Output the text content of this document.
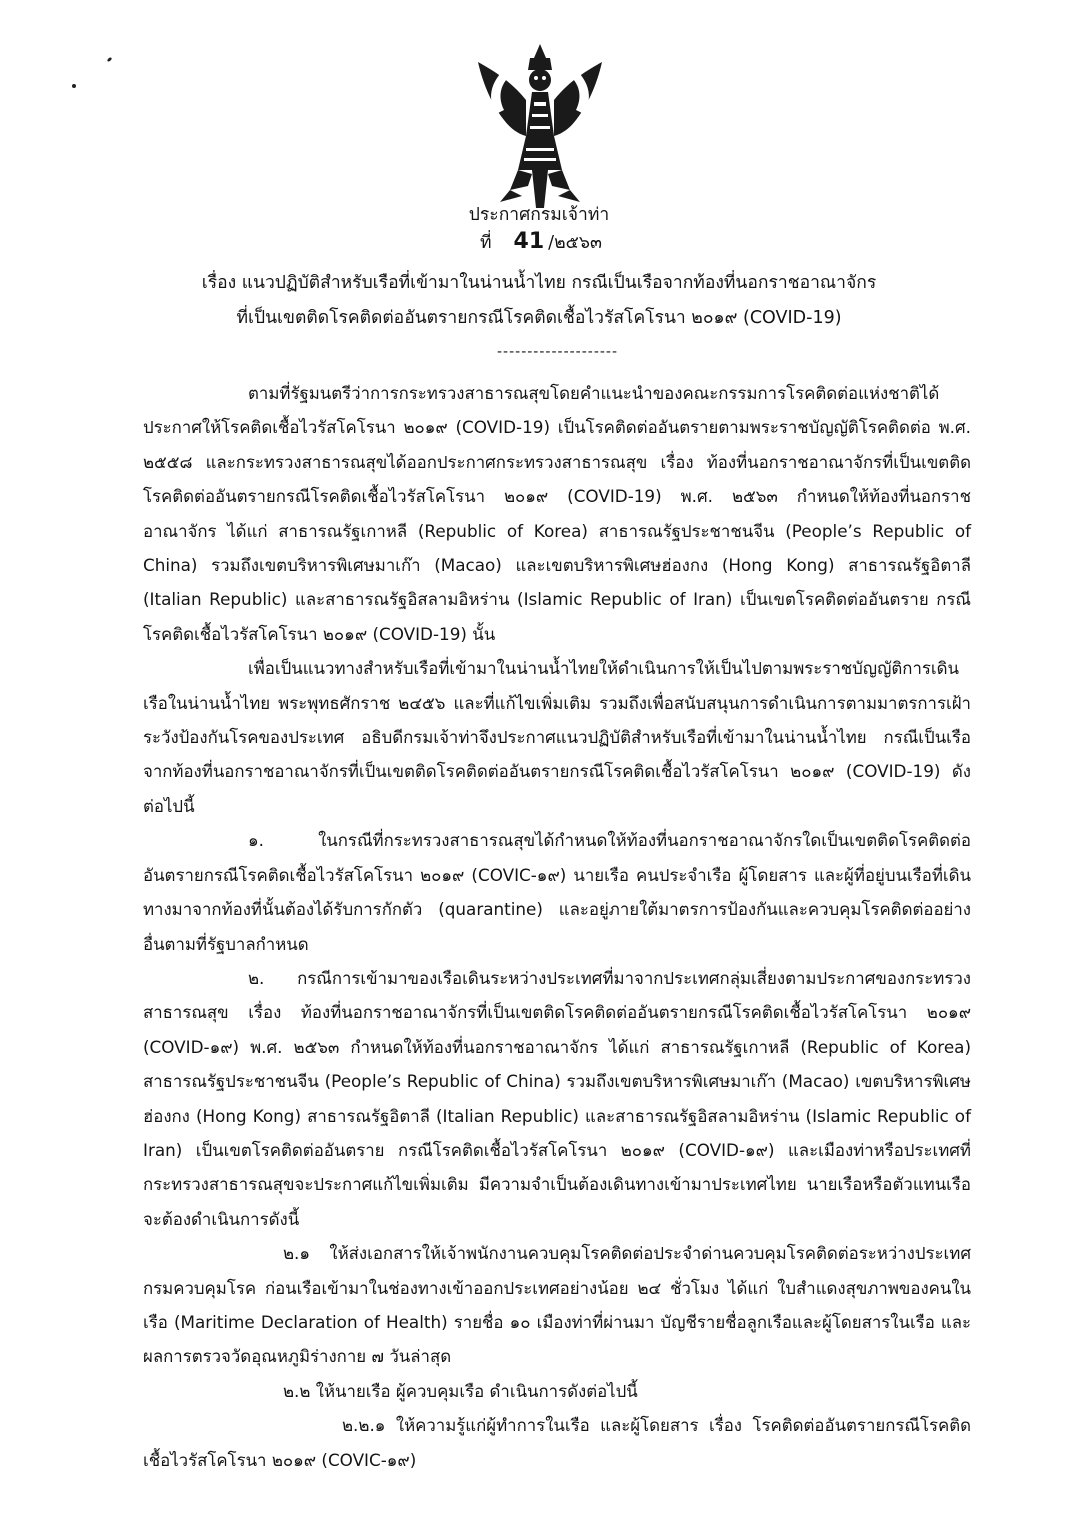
ประกาศกรมเจ้าท่า
ที่ 41 /๒๕๖๓
เรื่อง แนวปฏิบัติสำหรับเรือที่เข้ามาในน่านน้ำไทย กรณีเป็นเรือจากท้องที่นอกราชอาณาจักร
ที่เป็นเขตติดโรคติดต่ออันตรายกรณีโรคติดเชื้อไวรัสโคโรนา ๒๐๑๙ (COVID-19)
--------------------

ตามที่รัฐมนตรีว่าการกระทรวงสาธารณสุขโดยคำแนะนำของคณะกรรมการโรคติดต่อแห่งชาติได้ประกาศให้โรคติดเชื้อไวรัสโคโรนา ๒๐๑๙ (COVID-19) เป็นโรคติดต่ออันตรายตามพระราชบัญญัติโรคติดต่อ พ.ศ. ๒๕๕๘ และกระทรวงสาธารณสุขได้ออกประกาศกระทรวงสาธารณสุข เรื่อง ท้องที่นอกราชอาณาจักรที่เป็นเขตติดโรคติดต่ออันตรายกรณีโรคติดเชื้อไวรัสโคโรนา ๒๐๑๙ (COVID-19) พ.ศ. ๒๕๖๓ กำหนดให้ท้องที่นอกราชอาณาจักร ได้แก่ สาธารณรัฐเกาหลี (Republic of Korea) สาธารณรัฐประชาชนจีน (People’s Republic of China) รวมถึงเขตบริหารพิเศษมาเก๊า (Macao) และเขตบริหารพิเศษฮ่องกง (Hong Kong) สาธารณรัฐอิตาลี (Italian Republic) และสาธารณรัฐอิสลามอิหร่าน (Islamic Republic of Iran) เป็นเขตโรคติดต่ออันตราย กรณีโรคติดเชื้อไวรัสโคโรนา ๒๐๑๙ (COVID-19) นั้น

เพื่อเป็นแนวทางสำหรับเรือที่เข้ามาในน่านน้ำไทยให้ดำเนินการให้เป็นไปตามพระราชบัญญัติการเดินเรือในน่านน้ำไทย พระพุทธศักราช ๒๔๕๖ และที่แก้ไขเพิ่มเติม รวมถึงเพื่อสนับสนุนการดำเนินการตามมาตรการเฝ้าระวังป้องกันโรคของประเทศ อธิบดีกรมเจ้าท่าจึงประกาศแนวปฏิบัติสำหรับเรือที่เข้ามาในน่านน้ำไทย กรณีเป็นเรือจากท้องที่นอกราชอาณาจักรที่เป็นเขตติดโรคติดต่ออันตรายกรณีโรคติดเชื้อไวรัสโคโรนา ๒๐๑๙ (COVID-19) ดังต่อไปนี้

๑. ในกรณีที่กระทรวงสาธารณสุขได้กำหนดให้ท้องที่นอกราชอาณาจักรใดเป็นเขตติดโรคติดต่ออันตรายกรณีโรคติดเชื้อไวรัสโคโรนา ๒๐๑๙ (COVIC-๑๙) นายเรือ คนประจำเรือ ผู้โดยสาร และผู้ที่อยู่บนเรือที่เดินทางมาจากท้องที่นั้นต้องได้รับการกักตัว (quarantine) และอยู่ภายใต้มาตรการป้องกันและควบคุมโรคติดต่ออย่างอื่นตามที่รัฐบาลกำหนด

๒. กรณีการเข้ามาของเรือเดินระหว่างประเทศที่มาจากประเทศกลุ่มเสี่ยงตามประกาศของกระทรวงสาธารณสุข เรื่อง ท้องที่นอกราชอาณาจักรที่เป็นเขตติดโรคติดต่ออันตรายกรณีโรคติดเชื้อไวรัสโคโรนา ๒๐๑๙ (COVID-๑๙) พ.ศ. ๒๕๖๓ กำหนดให้ท้องที่นอกราชอาณาจักร ได้แก่ สาธารณรัฐเกาหลี (Republic of Korea) สาธารณรัฐประชาชนจีน (People’s Republic of China) รวมถึงเขตบริหารพิเศษมาเก๊า (Macao) เขตบริหารพิเศษฮ่องกง (Hong Kong) สาธารณรัฐอิตาลี (Italian Republic) และสาธารณรัฐอิสลามอิหร่าน (Islamic Republic of Iran) เป็นเขตโรคติดต่ออันตราย กรณีโรคติดเชื้อไวรัสโคโรนา ๒๐๑๙ (COVID-๑๙) และเมืองท่าหรือประเทศที่กระทรวงสาธารณสุขจะประกาศแก้ไขเพิ่มเติม มีความจำเป็นต้องเดินทางเข้ามาประเทศไทย นายเรือหรือตัวแทนเรือจะต้องดำเนินการดังนี้

๒.๑ ให้ส่งเอกสารให้เจ้าพนักงานควบคุมโรคติดต่อประจำด่านควบคุมโรคติดต่อระหว่างประเทศ กรมควบคุมโรค ก่อนเรือเข้ามาในช่องทางเข้าออกประเทศอย่างน้อย ๒๔ ชั่วโมง ได้แก่ ใบสำแดงสุขภาพของคนในเรือ (Maritime Declaration of Health) รายชื่อ ๑๐ เมืองท่าที่ผ่านมา บัญชีรายชื่อลูกเรือและผู้โดยสารในเรือ และผลการตรวจวัดอุณหภูมิร่างกาย ๗ วันล่าสุด

๒.๒ ให้นายเรือ ผู้ควบคุมเรือ ดำเนินการดังต่อไปนี้

๒.๒.๑ ให้ความรู้แก่ผู้ทำการในเรือ และผู้โดยสาร เรื่อง โรคติดต่ออันตรายกรณีโรคติดเชื้อไวรัสโคโรนา ๒๐๑๙ (COVIC-๑๙)
